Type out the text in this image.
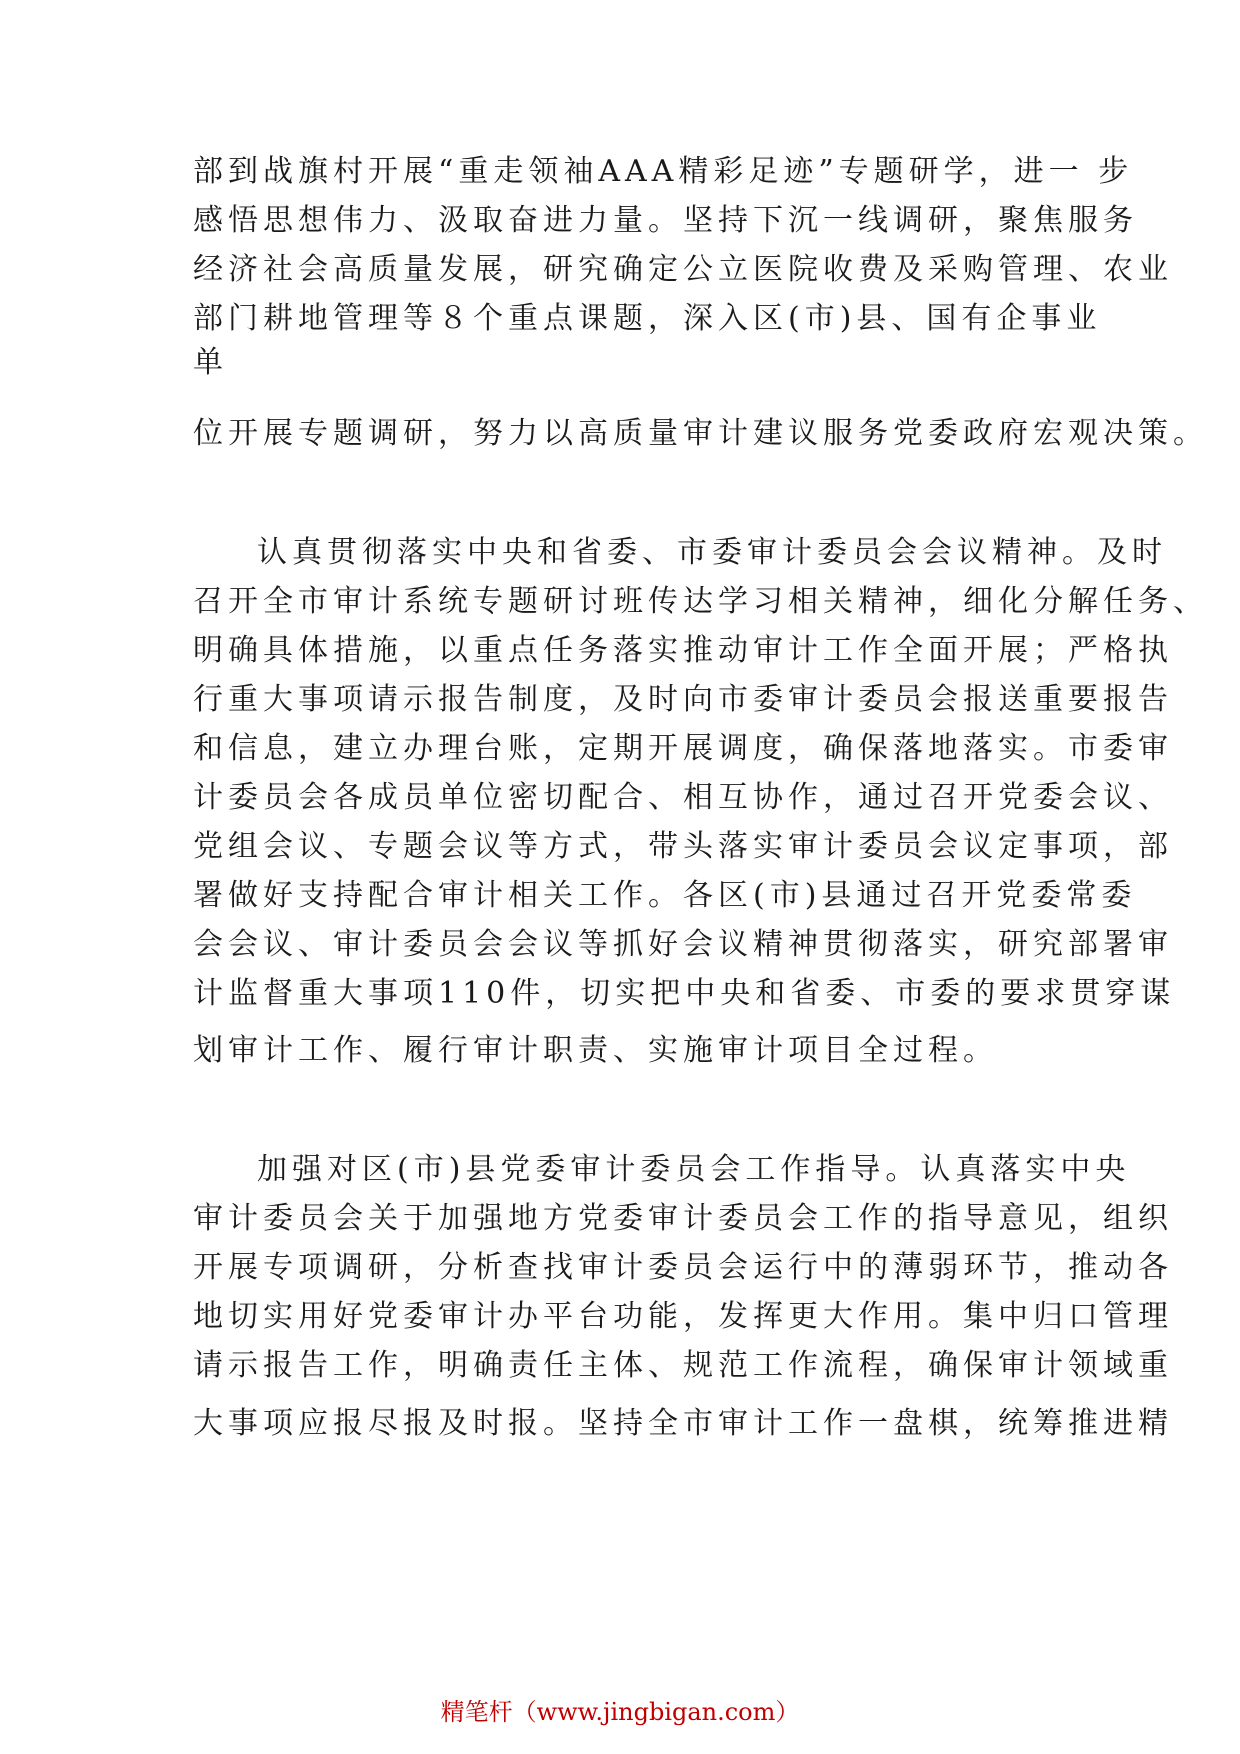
部到战旗村开展“重走领袖AAA精彩足迹”专题研学，进一 步
感悟思想伟力、汲取奋进力量。坚持下沉一线调研，聚焦服务
经济社会高质量发展，研究确定公立医院收费及采购管理、农业
部门耕地管理等８个重点课题，深入区(市)县、国有企事业
单
位开展专题调研，努力以高质量审计建议服务党委政府宏观决策。
认真贯彻落实中央和省委、市委审计委员会会议精神。及时
召开全市审计系统专题研讨班传达学习相关精神，细化分解任务、
明确具体措施，以重点任务落实推动审计工作全面开展；严格执
行重大事项请示报告制度，及时向市委审计委员会报送重要报告
和信息，建立办理台账，定期开展调度，确保落地落实。市委审
计委员会各成员单位密切配合、相互协作，通过召开党委会议、
党组会议、专题会议等方式，带头落实审计委员会议定事项，部
署做好支持配合审计相关工作。各区(市)县通过召开党委常委
会会议、审计委员会会议等抓好会议精神贯彻落实，研究部署审
计监督重大事项110件，切实把中央和省委、市委的要求贯穿谋
划审计工作、履行审计职责、实施审计项目全过程。
加强对区(市)县党委审计委员会工作指导。认真落实中央
审计委员会关于加强地方党委审计委员会工作的指导意见，组织
开展专项调研，分析查找审计委员会运行中的薄弱环节，推动各
地切实用好党委审计办平台功能，发挥更大作用。集中归口管理
请示报告工作，明确责任主体、规范工作流程，确保审计领域重
大事项应报尽报及时报。坚持全市审计工作一盘棋，统筹推进精
精笔杆（www.jingbigan.com）
